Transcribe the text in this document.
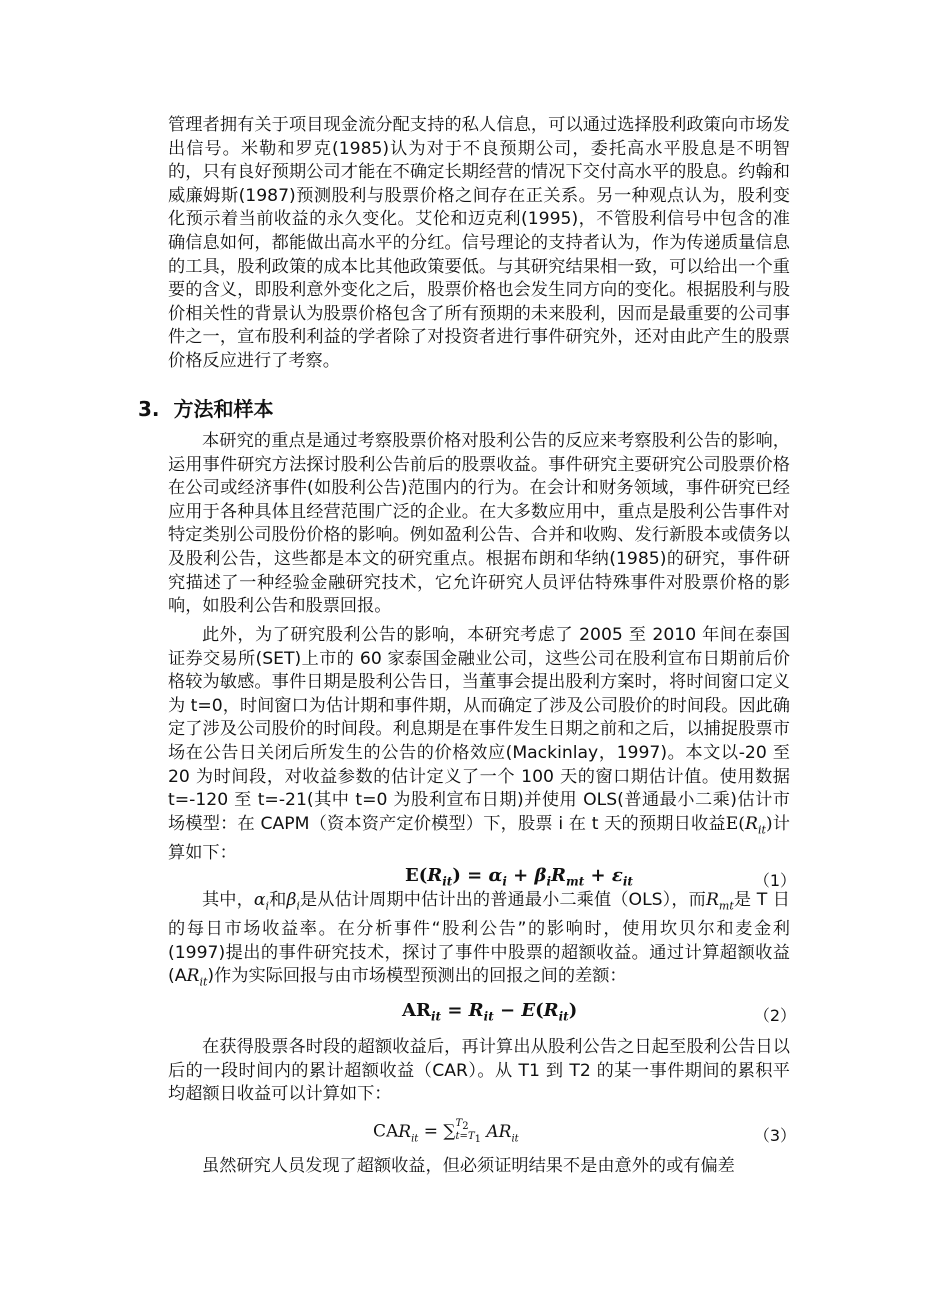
管理者拥有关于项目现金流分配支持的私人信息，可以通过选择股利政策向市场发出信号。米勒和罗克(1985)认为对于不良预期公司，委托高水平股息是不明智的，只有良好预期公司才能在不确定长期经营的情况下交付高水平的股息。约翰和威廉姆斯(1987)预测股利与股票价格之间存在正关系。另一种观点认为，股利变化预示着当前收益的永久变化。艾伦和迈克利(1995)，不管股利信号中包含的准确信息如何，都能做出高水平的分红。信号理论的支持者认为，作为传递质量信息的工具，股利政策的成本比其他政策要低。与其研究结果相一致，可以给出一个重要的含义，即股利意外变化之后，股票价格也会发生同方向的变化。根据股利与股价相关性的背景认为股票价格包含了所有预期的未来股利，因而是最重要的公司事件之一，宣布股利利益的学者除了对投资者进行事件研究外，还对由此产生的股票价格反应进行了考察。

3. 方法和样本

本研究的重点是通过考察股票价格对股利公告的反应来考察股利公告的影响，运用事件研究方法探讨股利公告前后的股票收益。事件研究主要研究公司股票价格在公司或经济事件(如股利公告)范围内的行为。在会计和财务领域，事件研究已经应用于各种具体且经营范围广泛的企业。在大多数应用中，重点是股利公告事件对特定类别公司股份价格的影响。例如盈利公告、合并和收购、发行新股本或债务以及股利公告，这些都是本文的研究重点。根据布朗和华纳(1985)的研究，事件研究描述了一种经验金融研究技术，它允许研究人员评估特殊事件对股票价格的影响，如股利公告和股票回报。

此外，为了研究股利公告的影响，本研究考虑了 2005 至 2010 年间在泰国证券交易所(SET)上市的 60 家泰国金融业公司，这些公司在股利宣布日期前后价格较为敏感。事件日期是股利公告日，当董事会提出股利方案时，将时间窗口定义为 t=0，时间窗口为估计期和事件期，从而确定了涉及公司股价的时间段。因此确定了涉及公司股价的时间段。利息期是在事件发生日期之前和之后，以捕捉股票市场在公告日关闭后所发生的公告的价格效应(Mackinlay，1997)。本文以-20 至 20 为时间段，对收益参数的估计定义了一个 100 天的窗口期估计值。使用数据 t=-120 至 t=-21(其中 t=0 为股利宣布日期)并使用 OLS(普通最小二乘)估计市场模型：在 CAPM（资本资产定价模型）下，股票 i 在 t 天的预期日收益$E(R_{it})$计算如下：

$E(R_{it}) = \alpha_i + \beta_iR_{mt} + \varepsilon_{it}$	（1）

其中，$\alpha_i$和$\beta_i$是从估计周期中估计出的普通最小二乘值（OLS），而$R_{mt}$是 T 日的每日市场收益率。在分析事件“股利公告”的影响时，使用坎贝尔和麦金利(1997)提出的事件研究技术，探讨了事件中股票的超额收益。通过计算超额收益$(AR_{it})$作为实际回报与由市场模型预测出的回报之间的差额：

$AR_{it} = R_{it} - E(R_{it})$	（2）

在获得股票各时段的超额收益后，再计算出从股利公告之日起至股利公告日以后的一段时间内的累计超额收益（CAR）。从 T1 到 T2 的某一事件期间的累积平均超额日收益可以计算如下：

$CAR_{it}$ = ∑ $T_2$
$t=T_1$ $AR_{it}$	（3）

虽然研究人员发现了超额收益，但必须证明结果不是由意外的或有偏差
